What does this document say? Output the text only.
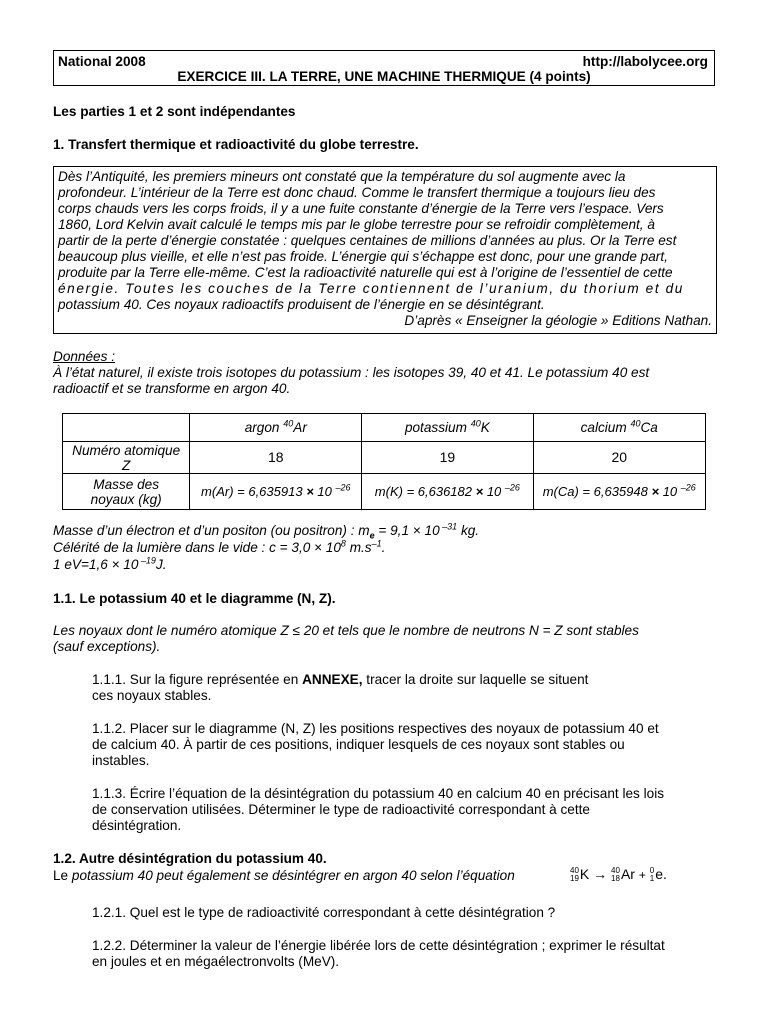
National 2008	http://labolycee.org
EXERCICE III. LA TERRE, UNE MACHINE THERMIQUE (4 points)
Les parties 1 et 2 sont indépendantes
1. Transfert thermique et radioactivité du globe terrestre.

Dès l’Antiquité, les premiers mineurs ont constaté que la température du sol augmente avec la

profondeur. L’intérieur de la Terre est donc chaud. Comme le transfert thermique a toujours lieu des

corps chauds vers les corps froids, il y a une fuite constante d’énergie de la Terre vers l’espace. Vers

1860, Lord Kelvin avait calculé le temps mis par le globe terrestre pour se refroidir complètement, à

partir de la perte d’énergie constatée : quelques centaines de millions d’années au plus. Or la Terre est

beaucoup plus vieille, et elle n’est pas froide. L’énergie qui s’échappe est donc, pour une grande part,

produite par la Terre elle-même. C’est la radioactivité naturelle qui est à l’origine de l’essentiel de cette

énergie. Toutes les couches de la Terre contiennent de l’uranium, du thorium et du

potassium 40. Ces noyaux radioactifs produisent de l’énergie en se désintégrant.

D’après « Enseigner la géologie » Editions Nathan.

Données :
À l’état naturel, il existe trois isotopes du potassium : les isotopes 39, 40 et 41. Le potassium 40 est
radioactif et se transforme en argon 40.
	argon $^{40}$Ar	potassium $^{40}$K	calcium $^{40}$Ca
Numéro atomique
Z	18	19	20
Masse des
noyaux (kg)	m(Ar) = 6,635913 × 10 $^{-26}$	m(K) = 6,636182 × 10 $^{-26}$	m(Ca) = 6,635948 × 10 $^{-26}$
Masse d’un électron et d’un positon (ou positron) : $m_e = 9,1 \times 10$ $^{-31}$ kg.
Célérité de la lumière dans le vide : $c = 3,0 \times 10^8$ $m.s^{-1}$.
1 eV=1,6 × 10 $^{-19}$J.
1.1. Le potassium 40 et le diagramme (N, Z).
Les noyaux dont le numéro atomique Z ≤ 20 et tels que le nombre de neutrons N = Z sont stables
(sauf exceptions).
1.1.1. Sur la figure représentée en ANNEXE, tracer la droite sur laquelle se situent
ces noyaux stables.
1.1.2. Placer sur le diagramme (N, Z) les positions respectives des noyaux de potassium 40 et
de calcium 40. À partir de ces positions, indiquer lesquels de ces noyaux sont stables ou
instables.
1.1.3. Écrire l’équation de la désintégration du potassium 40 en calcium 40 en précisant les lois
de conservation utilisées. Déterminer le type de radioactivité correspondant à cette
désintégration.
1.2. Autre désintégration du potassium 40.
Le potassium 40 peut également se désintégrer en argon 40 selon l’équation	40
19 K → 40
18 Ar + 0
1 e.
1.2.1. Quel est le type de radioactivité correspondant à cette désintégration ?
1.2.2. Déterminer la valeur de l’énergie libérée lors de cette désintégration ; exprimer le résultat
en joules et en mégaélectronvolts (MeV).
